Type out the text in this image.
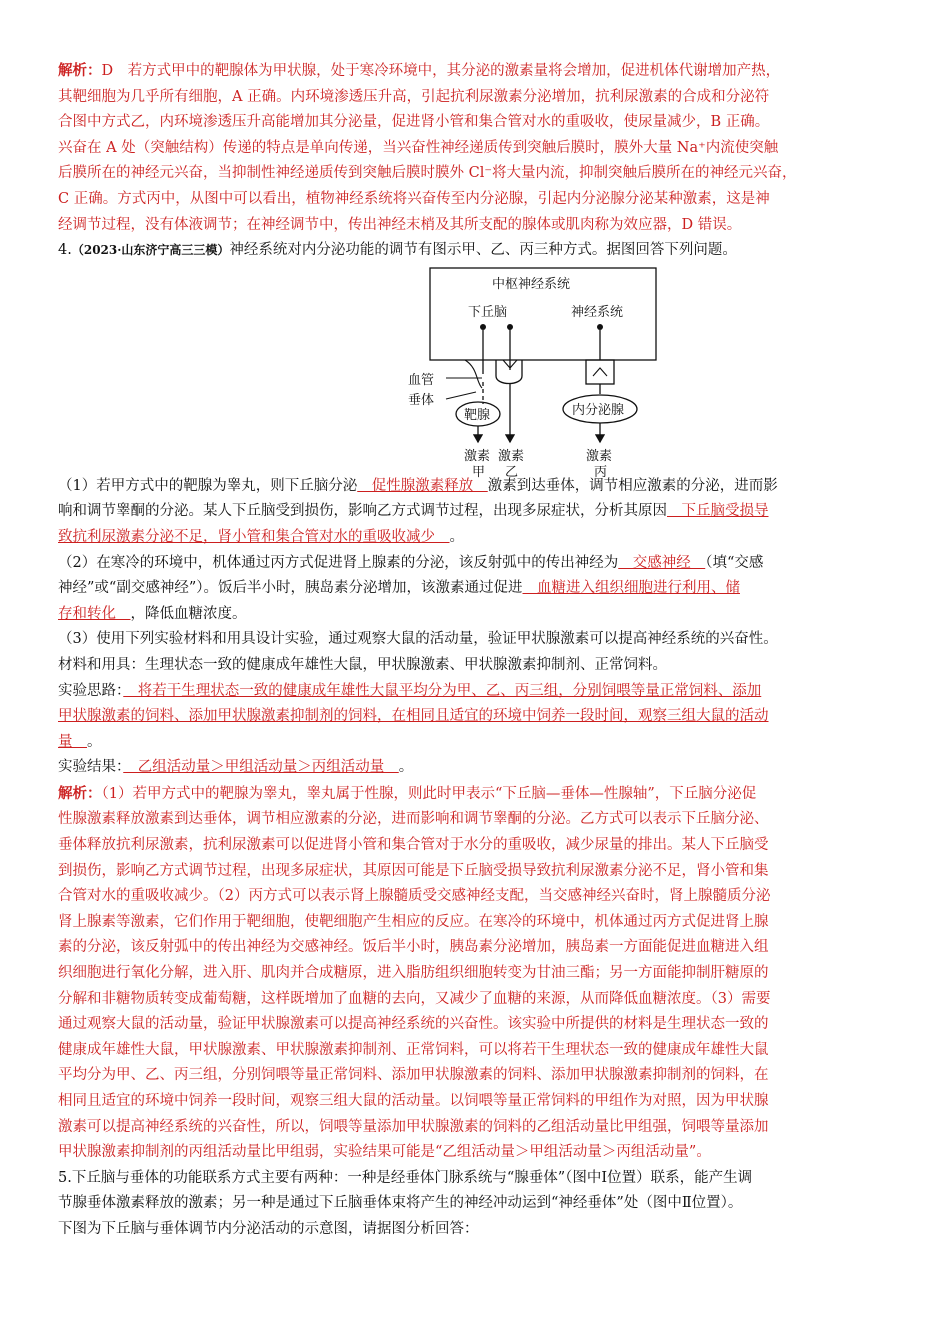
解析：D　若方式甲中的靶腺体为甲状腺，处于寒冷环境中，其分泌的激素量将会增加，促进机体代谢增加产热，

其靶细胞为几乎所有细胞，A 正确。内环境渗透压升高，引起抗利尿激素分泌增加，抗利尿激素的合成和分泌符

合图中方式乙，内环境渗透压升高能增加其分泌量，促进肾小管和集合管对水的重吸收，使尿量减少，B 正确。

兴奋在 A 处（突触结构）传递的特点是单向传递，当兴奋性神经递质传到突触后膜时，膜外大量 Na⁺内流使突触

后膜所在的神经元兴奋，当抑制性神经递质传到突触后膜时膜外 Cl⁻将大量内流，抑制突触后膜所在的神经元兴奋，

C 正确。方式丙中，从图中可以看出，植物神经系统将兴奋传至内分泌腺，引起内分泌腺分泌某种激素，这是神

经调节过程，没有体液调节；在神经调节中，传出神经末梢及其所支配的腺体或肌肉称为效应器，D 错误。

4.（2023·山东济宁高三三模）神经系统对内分泌功能的调节有图示甲、乙、丙三种方式。据图回答下列问题。

中枢神经系统
下丘脑	神经系统
血管
垂体
靶腺	内分泌腺
激素 激素	激素
甲 乙	丙

（1）若甲方式中的靶腺为睾丸，则下丘脑分泌　促性腺激素释放　激素到达垂体，调节相应激素的分泌，进而影

响和调节睾酮的分泌。某人下丘脑受到损伤，影响乙方式调节过程，出现多尿症状，分析其原因　下丘脑受损导

致抗利尿激素分泌不足，肾小管和集合管对水的重吸收减少　。

（2）在寒冷的环境中，机体通过丙方式促进肾上腺素的分泌，该反射弧中的传出神经为　交感神经　（填“交感

神经”或“副交感神经”）。饭后半小时，胰岛素分泌增加，该激素通过促进　血糖进入组织细胞进行利用、储

存和转化　，降低血糖浓度。

（3）使用下列实验材料和用具设计实验，通过观察大鼠的活动量，验证甲状腺激素可以提高神经系统的兴奋性。

材料和用具：生理状态一致的健康成年雄性大鼠，甲状腺激素、甲状腺激素抑制剂、正常饲料。

实验思路：　将若干生理状态一致的健康成年雄性大鼠平均分为甲、乙、丙三组，分别饲喂等量正常饲料、添加

甲状腺激素的饲料、添加甲状腺激素抑制剂的饲料，在相同且适宜的环境中饲养一段时间，观察三组大鼠的活动

量　。

实验结果：　乙组活动量＞甲组活动量＞丙组活动量　。

解析：（1）若甲方式中的靶腺为睾丸，睾丸属于性腺，则此时甲表示“下丘脑—垂体—性腺轴”，下丘脑分泌促

性腺激素释放激素到达垂体，调节相应激素的分泌，进而影响和调节睾酮的分泌。乙方式可以表示下丘脑分泌、

垂体释放抗利尿激素，抗利尿激素可以促进肾小管和集合管对于水分的重吸收，减少尿量的排出。某人下丘脑受

到损伤，影响乙方式调节过程，出现多尿症状，其原因可能是下丘脑受损导致抗利尿激素分泌不足，肾小管和集

合管对水的重吸收减少。（2）丙方式可以表示肾上腺髓质受交感神经支配，当交感神经兴奋时，肾上腺髓质分泌

肾上腺素等激素，它们作用于靶细胞，使靶细胞产生相应的反应。在寒冷的环境中，机体通过丙方式促进肾上腺

素的分泌，该反射弧中的传出神经为交感神经。饭后半小时，胰岛素分泌增加，胰岛素一方面能促进血糖进入组

织细胞进行氧化分解，进入肝、肌肉并合成糖原，进入脂肪组织细胞转变为甘油三酯；另一方面能抑制肝糖原的

分解和非糖物质转变成葡萄糖，这样既增加了血糖的去向，又减少了血糖的来源，从而降低血糖浓度。（3）需要

通过观察大鼠的活动量，验证甲状腺激素可以提高神经系统的兴奋性。该实验中所提供的材料是生理状态一致的

健康成年雄性大鼠，甲状腺激素、甲状腺激素抑制剂、正常饲料，可以将若干生理状态一致的健康成年雄性大鼠

平均分为甲、乙、丙三组，分别饲喂等量正常饲料、添加甲状腺激素的饲料、添加甲状腺激素抑制剂的饲料，在

相同且适宜的环境中饲养一段时间，观察三组大鼠的活动量。以饲喂等量正常饲料的甲组作为对照，因为甲状腺

激素可以提高神经系统的兴奋性，所以，饲喂等量添加甲状腺激素的饲料的乙组活动量比甲组强，饲喂等量添加

甲状腺激素抑制剂的丙组活动量比甲组弱，实验结果可能是“乙组活动量＞甲组活动量＞丙组活动量”。

5.下丘脑与垂体的功能联系方式主要有两种：一种是经垂体门脉系统与“腺垂体”（图中Ⅰ位置）联系，能产生调

节腺垂体激素释放的激素；另一种是通过下丘脑垂体束将产生的神经冲动运到“神经垂体”处（图中Ⅱ位置）。

下图为下丘脑与垂体调节内分泌活动的示意图，请据图分析回答：
